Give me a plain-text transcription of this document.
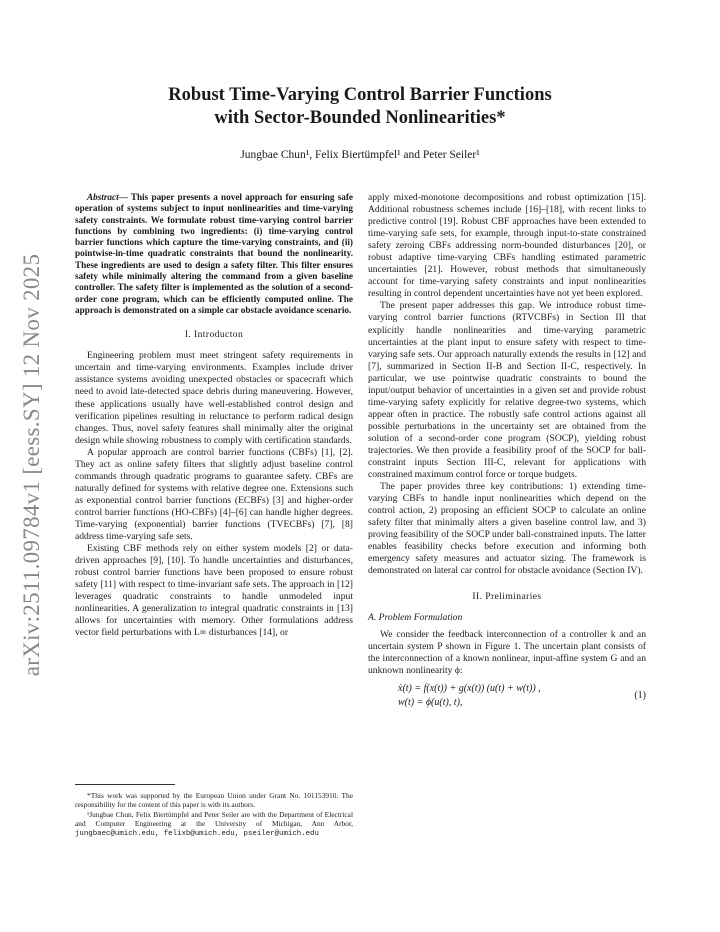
arXiv:2511.09784v1 [eess.SY] 12 Nov 2025
Robust Time-Varying Control Barrier Functions
with Sector-Bounded Nonlinearities*
Jungbae Chun¹, Felix Biertümpfel¹ and Peter Seiler¹

Abstract— This paper presents a novel approach for ensuring safe operation of systems subject to input nonlinearities and time-varying safety constraints. We formulate robust time-varying control barrier functions by combining two ingredients: (i) time-varying control barrier functions which capture the time-varying constraints, and (ii) pointwise-in-time quadratic constraints that bound the nonlinearity. These ingredients are used to design a safety filter. This filter ensures safety while minimally altering the command from a given baseline controller. The safety filter is implemented as the solution of a second-order cone program, which can be efficiently computed online. The approach is demonstrated on a simple car obstacle avoidance scenario.

I. Introducton

Engineering problem must meet stringent safety requirements in uncertain and time-varying environments. Examples include driver assistance systems avoiding unexpected obstacles or spacecraft which need to avoid late-detected space debris during maneuvering. However, these applications usually have well-established control design and verification pipelines resulting in reluctance to perform radical design changes. Thus, novel safety features shall minimally alter the original design while showing robustness to comply with certification standards.

A popular approach are control barrier functions (CBFs) [1], [2]. They act as online safety filters that slightly adjust baseline control commands through quadratic programs to guarantee safety. CBFs are naturally defined for systems with relative degree one. Extensions such as exponential control barrier functions (ECBFs) [3] and higher-order control barrier functions (HO-CBFs) [4]–[6] can handle higher degrees. Time-varying (exponential) barrier functions (TVECBFs) [7], [8] address time-varying safe sets.

Existing CBF methods rely on either system models [2] or data-driven approaches [9], [10]. To handle uncertainties and disturbances, robust control barrier functions have been proposed to ensure robust safety [11] with respect to time-invariant safe sets. The approach in [12] leverages quadratic constraints to handle unmodeled input nonlinearities. A generalization to integral quadratic constraints in [13] allows for uncertainties with memory. Other formulations address vector field perturbations with L∞ disturbances [14], or

*This work was supported by the European Union under Grant No. 101153910. The responsibility for the content of this paper is with its authors.

¹Jungbae Chun, Felix Biertümpfel and Peter Seiler are with the Department of Electrical and Computer Engineering at the University of Michigan, Ann Arbor, jungbaec@umich.edu, felixb@umich.edu, pseiler@umich.edu

apply mixed-monotone decompositions and robust optimization [15]. Additional robustness schemes include [16]–[18], with recent links to predictive control [19]. Robust CBF approaches have been extended to time-varying safe sets, for example, through input-to-state constrained safety zeroing CBFs addressing norm-bounded disturbances [20], or robust adaptive time-varying CBFs handling estimated parametric uncertainties [21]. However, robust methods that simultaneously account for time-varying safety constraints and input nonlinearities resulting in control dependent uncertainties have not yet been explored.

The present paper addresses this gap. We introduce robust time-varying control barrier functions (RTVCBFs) in Section III that explicitly handle nonlinearities and time-varying parametric uncertainties at the plant input to ensure safety with respect to time-varying safe sets. Our approach naturally extends the results in [12] and [7], summarized in Section II-B and Section II-C, respectively. In particular, we use pointwise quadratic constraints to bound the input/output behavior of uncertainties in a given set and provide robust time-varying safety explicitly for relative degree-two systems, which appear often in practice. The robustly safe control actions against all possible perturbations in the uncertainty set are obtained from the solution of a second-order cone program (SOCP), yielding robust trajectories. We then provide a feasibility proof of the SOCP for ball-constraint inputs Section III-C, relevant for applications with constrained maximum control force or torque budgets.

The paper provides three key contributions: 1) extending time-varying CBFs to handle input nonlinearities which depend on the control action, 2) proposing an efficient SOCP to calculate an online safety filter that minimally alters a given baseline control law, and 3) proving feasibility of the SOCP under ball-constrained inputs. The latter enables feasibility checks before execution and informing both emergency safety measures and actuator sizing. The framework is demonstrated on lateral car control for obstacle avoidance (Section IV).

II. Preliminaries
A. Problem Formulation

We consider the feedback interconnection of a controller k and an uncertain system P shown in Figure 1. The uncertain plant consists of the interconnection of a known nonlinear, input-affine system G and an unknown nonlinearity ϕ:

ẋ(t) = f(x(t)) + g(x(t)) (u(t) + w(t)) ,
w(t) = ϕ(u(t), t),
(1)
